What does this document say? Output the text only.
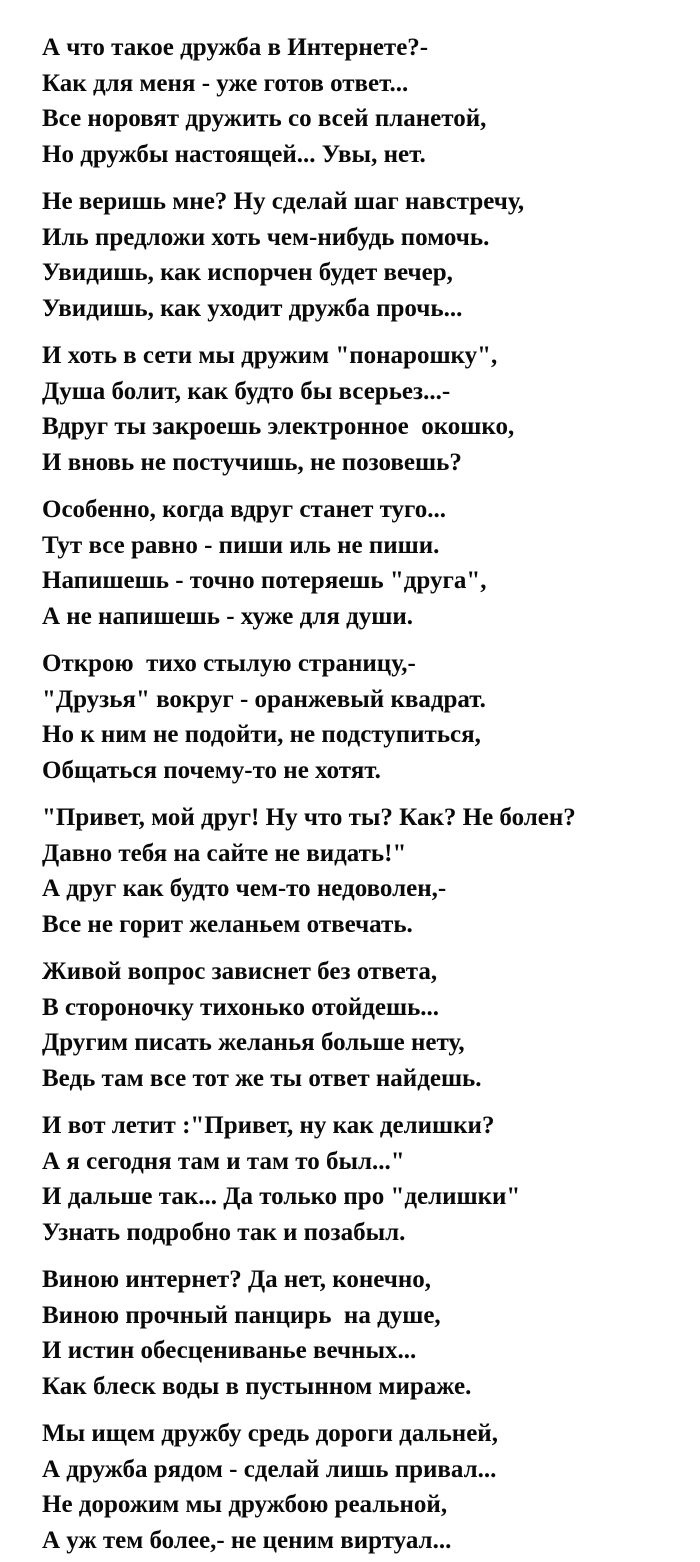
А что такое дружба в Интернете?-
Как для меня - уже готов ответ...
Все норовят дружить со всей планетой,
Но дружбы настоящей... Увы, нет.
Не веришь мне? Ну сделай шаг навстречу,
Иль предложи хоть чем-нибудь помочь.
Увидишь, как испорчен будет вечер,
Увидишь, как уходит дружба прочь...
И хоть в сети мы дружим "понарошку",
Душа болит, как будто бы всерьез...-
Вдруг ты закроешь электронное  окошко,
И вновь не постучишь, не позовешь?
Особенно, когда вдруг станет туго...
Тут все равно - пиши иль не пиши.
Напишешь - точно потеряешь "друга",
А не напишешь - хуже для души.
Открою  тихо стылую страницу,-
"Друзья" вокруг - оранжевый квадрат.
Но к ним не подойти, не подступиться,
Общаться почему-то не хотят.
"Привет, мой друг! Ну что ты? Как? Не болен?
Давно тебя на сайте не видать!"
А друг как будто чем-то недоволен,-
Все не горит желаньем отвечать.
Живой вопрос зависнет без ответа,
В стороночку тихонько отойдешь...
Другим писать желанья больше нету,
Ведь там все тот же ты ответ найдешь.
И вот летит :"Привет, ну как делишки?
А я сегодня там и там то был..."
И дальше так... Да только про "делишки"
Узнать подробно так и позабыл.
Виною интернет? Да нет, конечно,
Виною прочный панцирь  на душе,
И истин обесцениванье вечных...
Как блеск воды в пустынном мираже.
Мы ищем дружбу средь дороги дальней,
А дружба рядом - сделай лишь привал...
Не дорожим мы дружбою реальной,
А уж тем более,- не ценим виртуал...
